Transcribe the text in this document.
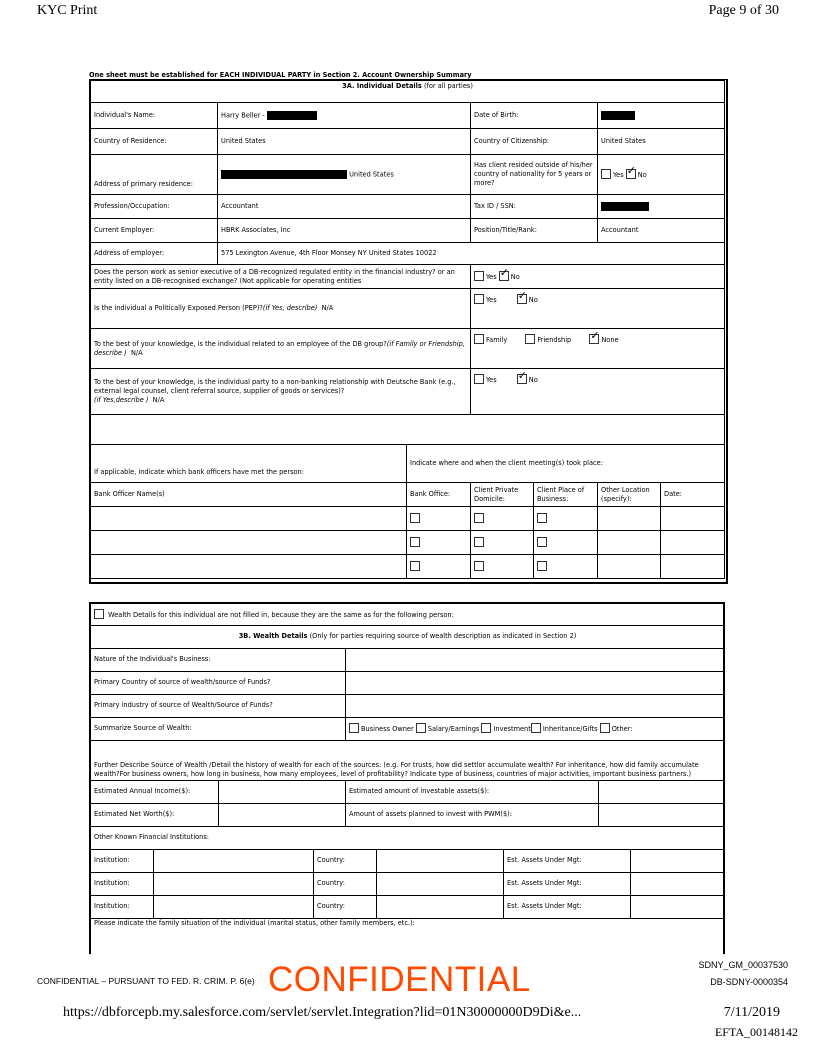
KYC Print	Page 9 of 30
One sheet must be established for EACH INDIVIDUAL PARTY in Section 2. Account Ownership Summary
3A. Individual Details (for all parties)						
Individual's Name:	Harry Beller -		Date of Birth:			
Country of Residence:	United States		Country of Citizenship:		United States	
Address of primary residence:	United States		Has client resided outside of his/her country of nationality for 5 years or more?		Yes ✓ No
Profession/Occupation:	Accountant		Tax ID / SSN:			
Current Employer:	HBRK Associates, Inc		Position/Title/Rank:		Accountant	
Address of employer:	575 Lexington Avenue, 4th Floor Monsey NY United States 10022					
Does the person work as senior executive of a DB-recognized regulated entity in the financial industry? or an entity listed on a DB-recognised exchange? (Not applicable for operating entities			Yes ✓ No
Is the individual a Politically Exposed Person (PEP)?(if Yes, describe) N/A			Yes ✓ No
To the best of your knowledge, is the individual related to an employee of the DB group?(if Family or Friendship, describe ) N/A			Family Friendship ✓ None
To the best of your knowledge, is the individual party to a non-banking relationship with Deutsche Bank (e.g., external legal counsel, client referral source, supplier of goods or services)?
(if Yes,describe ) N/A			Yes ✓ No

If applicable, indicate which bank officers have met the person:		Indicate where and when the client meeting(s) took place:				
Bank Officer Name(s)		Bank Office:	Client Private Domicile:	Client Place of Business:	Other Location (specify):	Date:

Wealth Details for this individual are not filled in, because they are the same as for the following person:								
3B. Wealth Details (Only for parties requiring source of wealth description as indicated in Section 2)								
Nature of the Individual's Business:								
Primary Country of source of wealth/source of Funds?								
Primary industry of source of Wealth/Source of Funds?								
Summarize Source of Wealth:				Business Owner Salary/Earnings Investment Inheritance/Gifts Other:				
Further Describe Source of Wealth /Detail the history of wealth for each of the sources: (e.g. For trusts, how did settlor accumulate wealth? For inheritance, how did family accumulate wealth?For business owners, how long in business, how many employees, level of profitability? Indicate type of business, countries of major activities, important business partners.)								
Estimated Annual Income($):				Estimated amount of investable assets($):				
Estimated Net Worth($):				Amount of assets planned to invest with PWM($):				
Other Known Financial Institutions:								
Institution:			Country:			Est. Assets Under Mgt:		
Institution:			Country:			Est. Assets Under Mgt:		
Institution:			Country:			Est. Assets Under Mgt:		
Please indicate the family situation of the individual (marital status, other family members, etc.):								
SDNY_GM_00037530
DB-SDNY-0000354
CONFIDENTIAL – PURSUANT TO FED. R. CRIM. P. 6(e) CONFIDENTIAL
https://dbforcepb.my.salesforce.com/servlet/servlet.Integration?lid=01N30000000D9Di&e...	7/11/2019
EFTA_00148142
